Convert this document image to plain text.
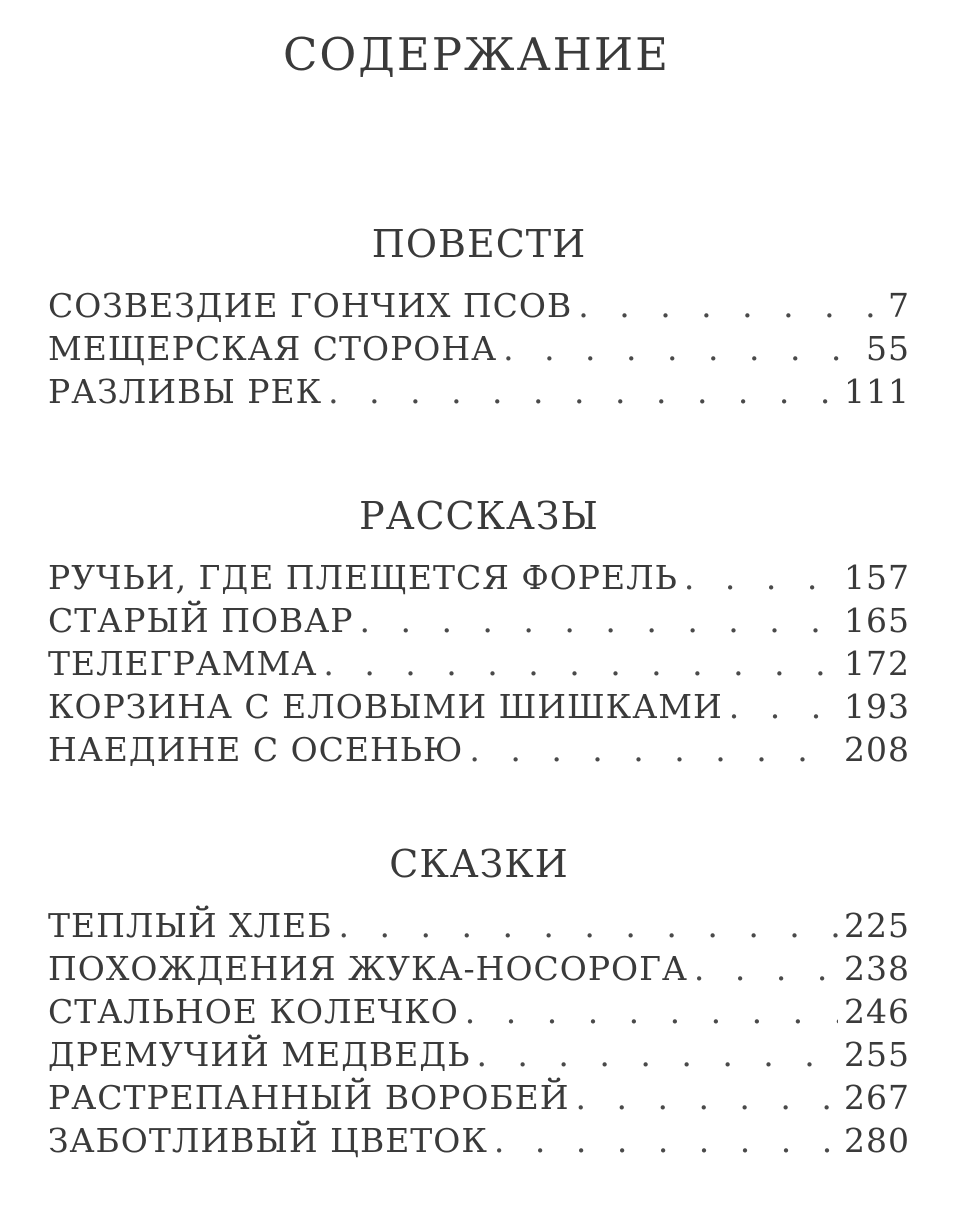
СОДЕРЖАНИЕ
ПОВЕСТИ
СОЗВЕЗДИЕ ГОНЧИХ ПСОВ . . .	7
МЕЩЕРСКАЯ СТОРОНА . . .	55
РАЗЛИВЫ РЕК . . .	111
РАССКАЗЫ
РУЧЬИ, ГДЕ ПЛЕЩЕТСЯ ФОРЕЛЬ . . .	157
СТАРЫЙ ПОВАР . . .	165
ТЕЛЕГРАММА . . .	172
КОРЗИНА С ЕЛОВЫМИ ШИШКАМИ . . .	193
НАЕДИНЕ С ОСЕНЬЮ . . .	208
СКАЗКИ
ТЕПЛЫЙ ХЛЕБ . . .	225
ПОХОЖДЕНИЯ ЖУКА-НОСОРОГА . . .	238
СТАЛЬНОЕ КОЛЕЧКО . . .	246
ДРЕМУЧИЙ МЕДВЕДЬ . . .	255
РАСТРЕПАННЫЙ ВОРОБЕЙ . . .	267
ЗАБОТЛИВЫЙ ЦВЕТОК . . .	280
